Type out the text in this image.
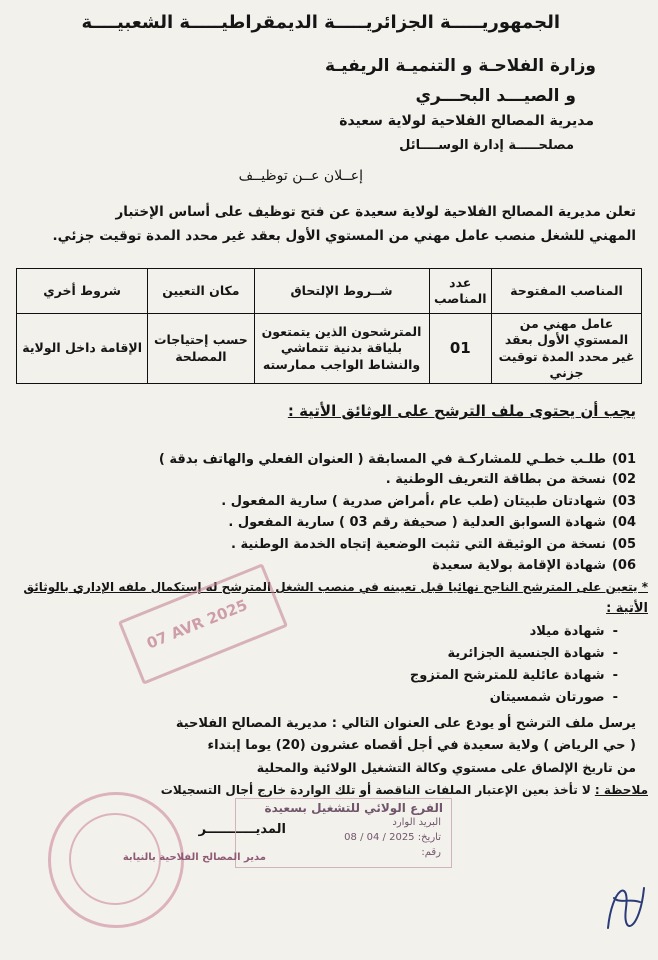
الجمهوريـــــة الجزائريـــــة الديمقراطيـــــة الشعبيــــة
وزارة الفلاحـة و التنميـة الريفيـة
و الصيـــد البحـــري
مديرية المصالح الفلاحية لولاية سعيدة
مصلحـــــة إدارة الوســــائل
إعــلان عــن توظيــف
تعلن مديرية المصالح الفلاحية لولاية سعيدة عن فتح توظيف على أساس الإختبار
المهني للشغل منصب عامل مهني من المستوي الأول بعقد غير محدد المدة توقيت جزئي.
المناصب المفتوحة	عدد المناصب	شــروط الإلتحاق	مكان التعيين	شروط أخري
عامل مهني من المستوي الأول بعقد غير محدد المدة توقيت جزني	01	المترشحون الذين يتمتعون بلياقة بدنية تتماشي والنشاط الواجب ممارسته	حسب إحتياجات المصلحة	الإقامة داخل الولاية
يجب أن يحتوى ملف الترشح على الوثائق الأتية :
01)
طلـب خطـي للمشاركـة في المسابقة ( العنوان الفعلي والهاتف بدقة )
02)
نسخة من بطاقة التعريف الوطنية .
03)
شهادتان طبيتان (طب عام ،أمراض صدرية ) سارية المفعول .
04)
شهادة السوابق العدلية ( صحيفة رقم 03 ) سارية المفعول .
05)
نسخة من الوثيقة التي تثبت الوضعية إتجاه الخدمة الوطنية .
06)
شهادة الإقامة بولاية سعيدة
* يتعين على المترشح الناجح نهائيا قبل تعيينه في منصب الشغل المترشح له إستكمال ملفه الإداري بالوثائق
الأتية :
-
شهادة ميلاد
-
شهادة الجنسية الجزائرية
-
شهادة عائلية للمترشح المتزوج
-
صورتان شمسيتان
يرسل ملف الترشح أو يودع على العنوان التالي : مديرية المصالح الفلاحية
( حي الرياض ) ولاية سعيدة في أجل أقصاه عشرون (20) يوما إبتداء
من تاريخ الإلصاق على مستوي وكالة التشغيل الولائية والمحلية
ملاحظة :
لا تأخذ بعين الإعتبار الملفات الناقصة أو تلك الواردة خارج أجال التسجيلات
المديـــــــــــر
الفرع الولائي للتشغيل بسعيدة
البريد الوارد
تاريخ: 2025 / 04 / 08
رقم:
07 AVR 2025
مدير المصالح الفلاحية بالنيابة
